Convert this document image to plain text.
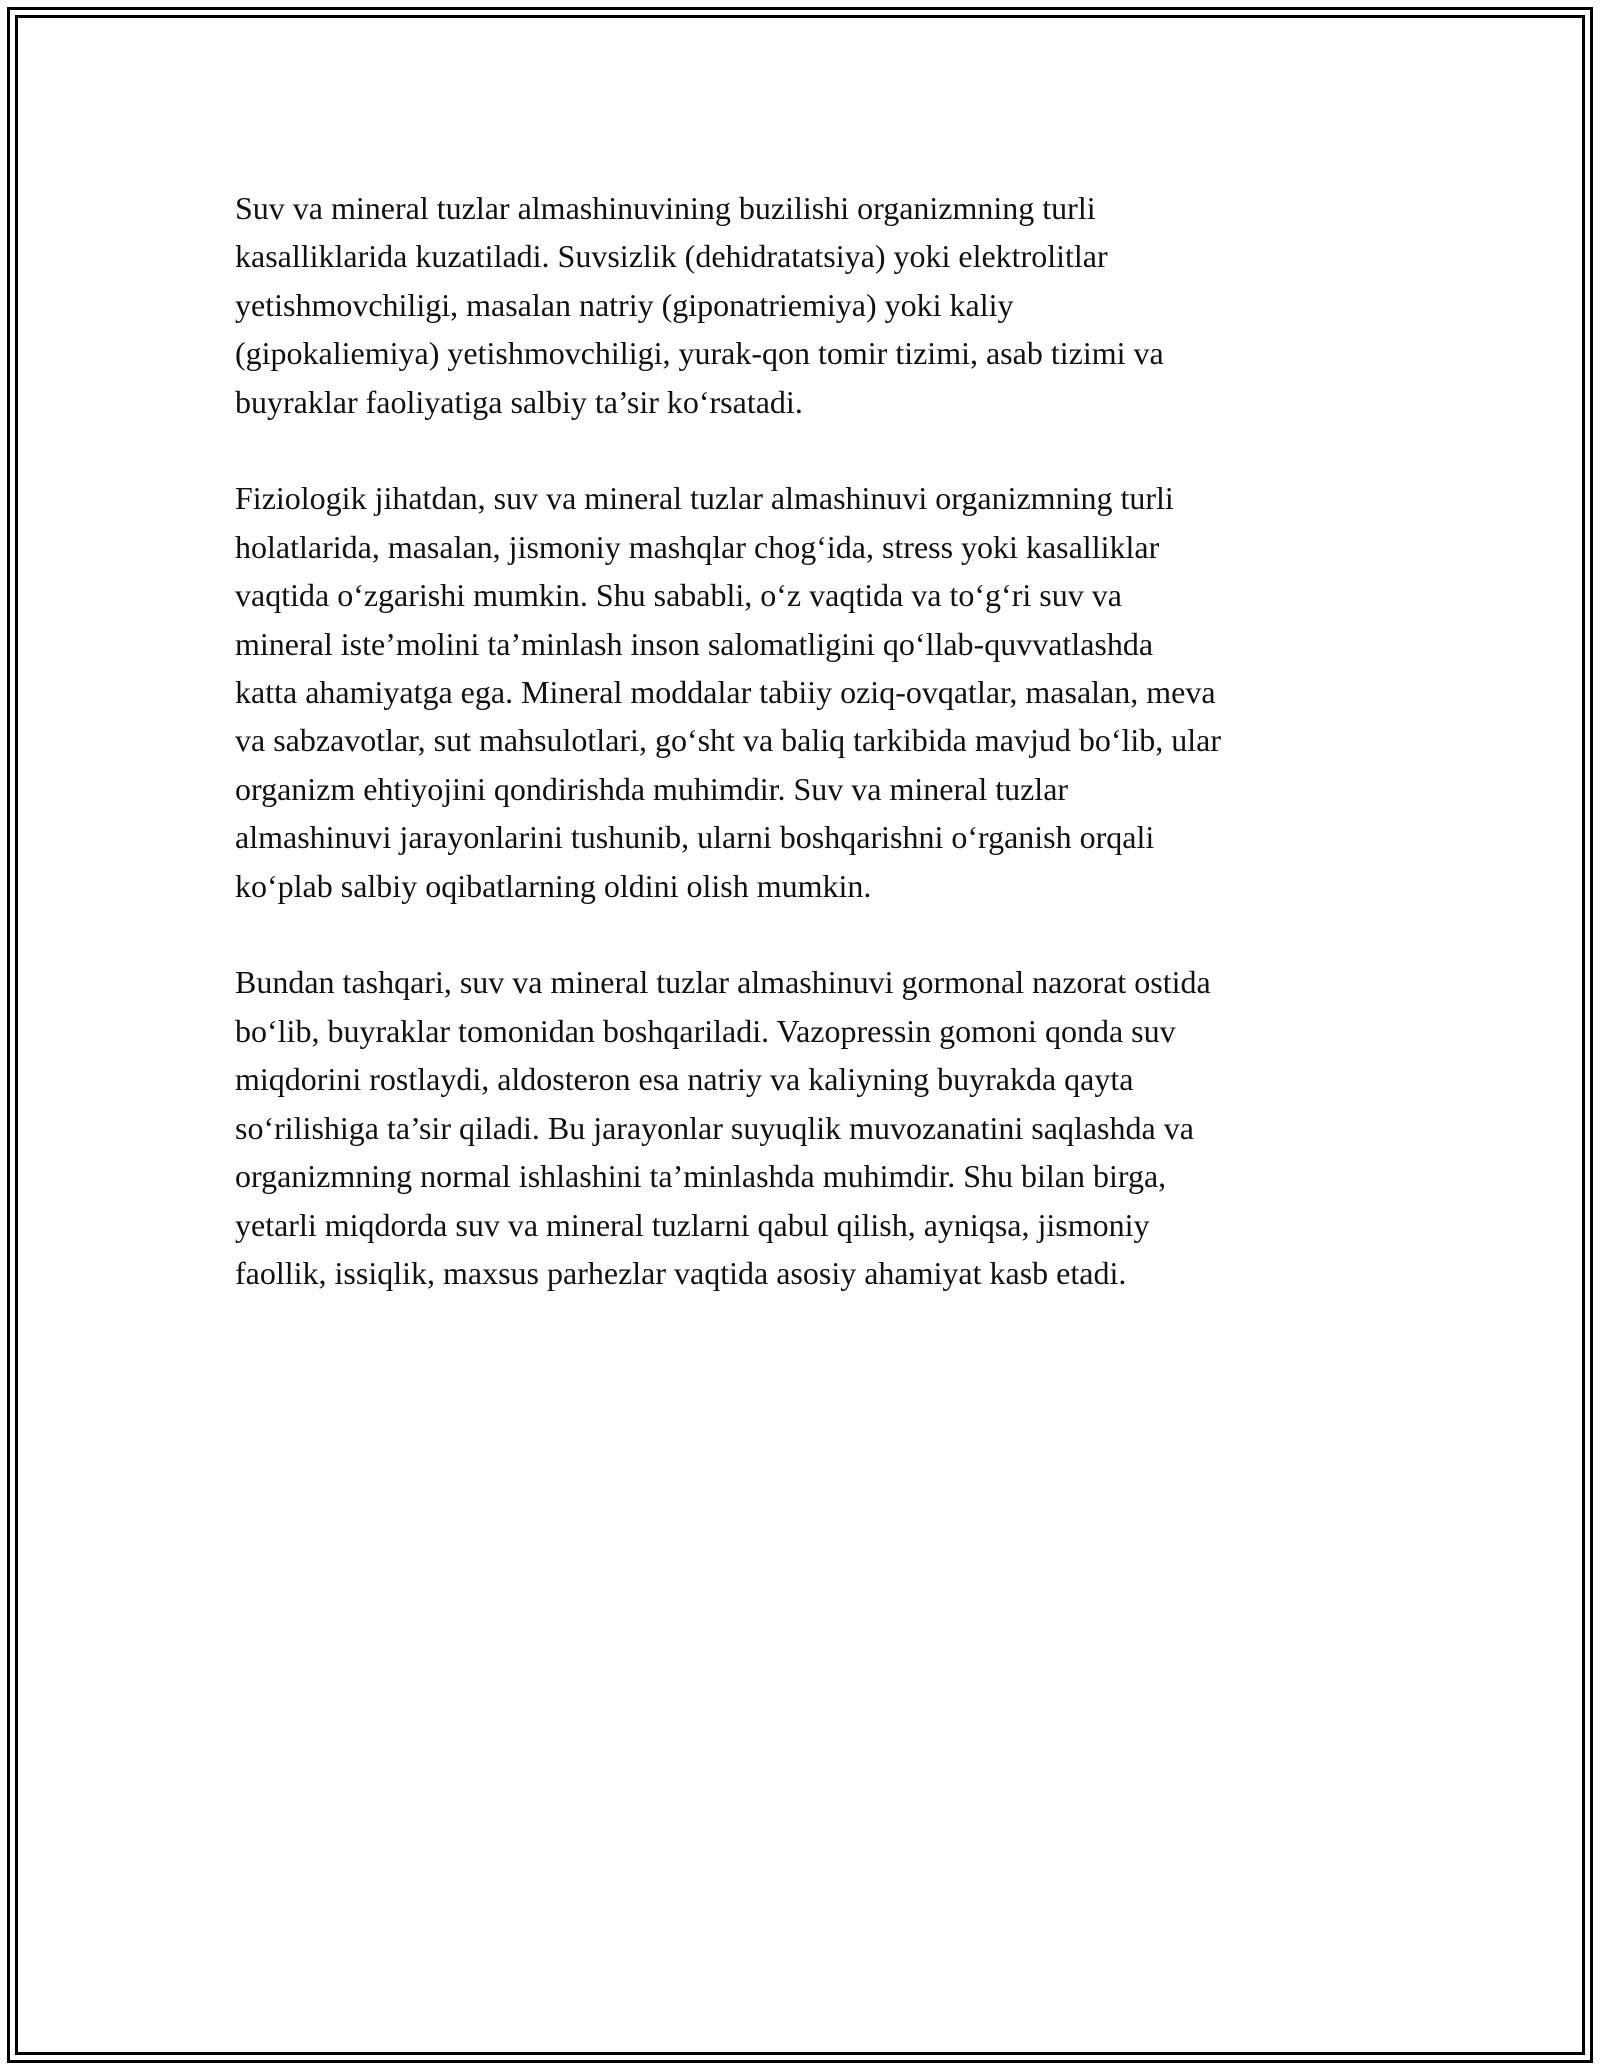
Suv va mineral tuzlar almashinuvining buzilishi organizmning turli
kasalliklarida kuzatiladi. Suvsizlik (dehidratatsiya) yoki elektrolitlar
yetishmovchiligi, masalan natriy (giponatriemiya) yoki kaliy
(gipokaliemiya) yetishmovchiligi, yurak-qon tomir tizimi, asab tizimi va
buyraklar faoliyatiga salbiy ta’sir ko‘rsatadi.

Fiziologik jihatdan, suv va mineral tuzlar almashinuvi organizmning turli
holatlarida, masalan, jismoniy mashqlar chog‘ida, stress yoki kasalliklar
vaqtida o‘zgarishi mumkin. Shu sababli, o‘z vaqtida va to‘g‘ri suv va
mineral iste’molini ta’minlash inson salomatligini qo‘llab-quvvatlashda
katta ahamiyatga ega. Mineral moddalar tabiiy oziq-ovqatlar, masalan, meva
va sabzavotlar, sut mahsulotlari, go‘sht va baliq tarkibida mavjud bo‘lib, ular
organizm ehtiyojini qondirishda muhimdir. Suv va mineral tuzlar
almashinuvi jarayonlarini tushunib, ularni boshqarishni o‘rganish orqali
ko‘plab salbiy oqibatlarning oldini olish mumkin.

Bundan tashqari, suv va mineral tuzlar almashinuvi gormonal nazorat ostida
bo‘lib, buyraklar tomonidan boshqariladi. Vazopressin gomoni qonda suv
miqdorini rostlaydi, aldosteron esa natriy va kaliyning buyrakda qayta
so‘rilishiga ta’sir qiladi. Bu jarayonlar suyuqlik muvozanatini saqlashda va
organizmning normal ishlashini ta’minlashda muhimdir. Shu bilan birga,
yetarli miqdorda suv va mineral tuzlarni qabul qilish, ayniqsa, jismoniy
faollik, issiqlik, maxsus parhezlar vaqtida asosiy ahamiyat kasb etadi.
